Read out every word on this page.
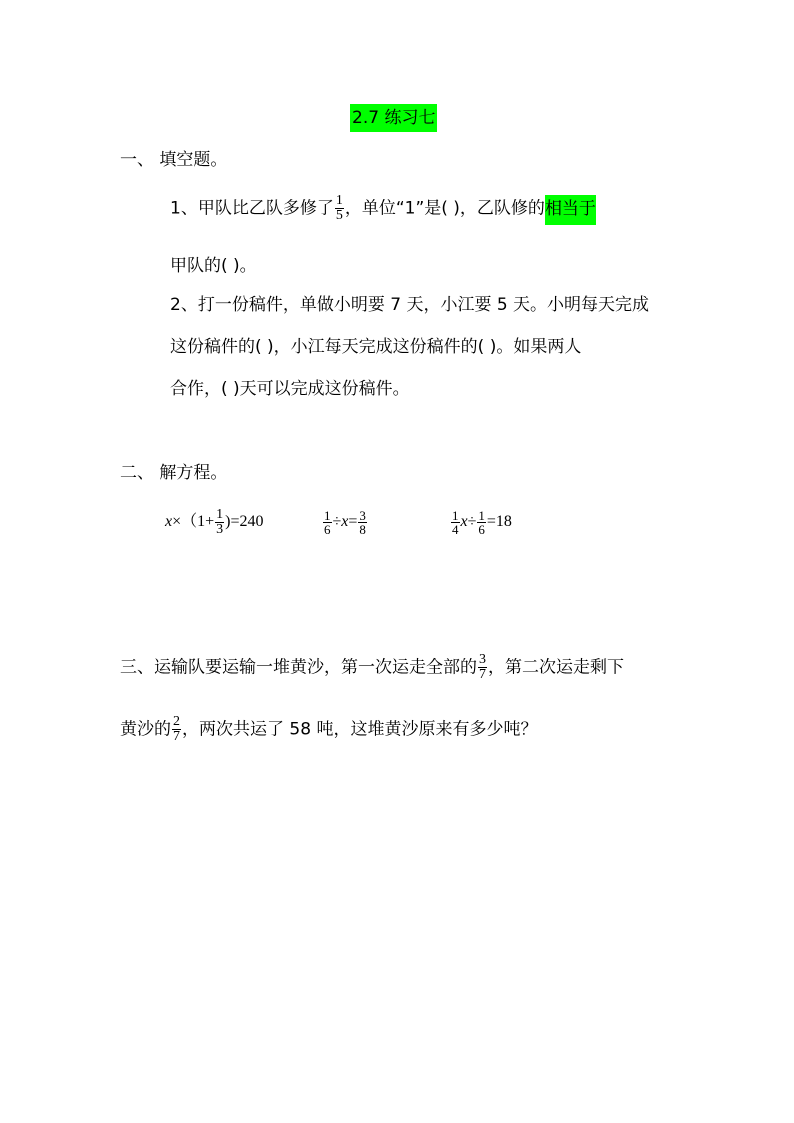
2.7 练习七
一、 填空题。
1、甲队比乙队多修了 $\frac{1}{5}$ ，单位“1”是( )，乙队修的相当于
甲队的( )。
2、打一份稿件，单做小明要 7 天，小江要 5 天。小明每天完成
这份稿件的( )，小江每天完成这份稿件的( )。如果两人
合作，( )天可以完成这份稿件。
二、 解方程。
$x\times(1+ \frac{1}{3} )=240$	$\frac{1}{6} \div x= \frac{3}{8}$	$\frac{1}{4} x\div \frac{1}{6} =18$
三、运输队要运输一堆黄沙，第一次运走全部的 $\frac{3}{7}$ ，第二次运走剩下
黄沙的 $\frac{2}{7}$ ，两次共运了 58 吨，这堆黄沙原来有多少吨？
